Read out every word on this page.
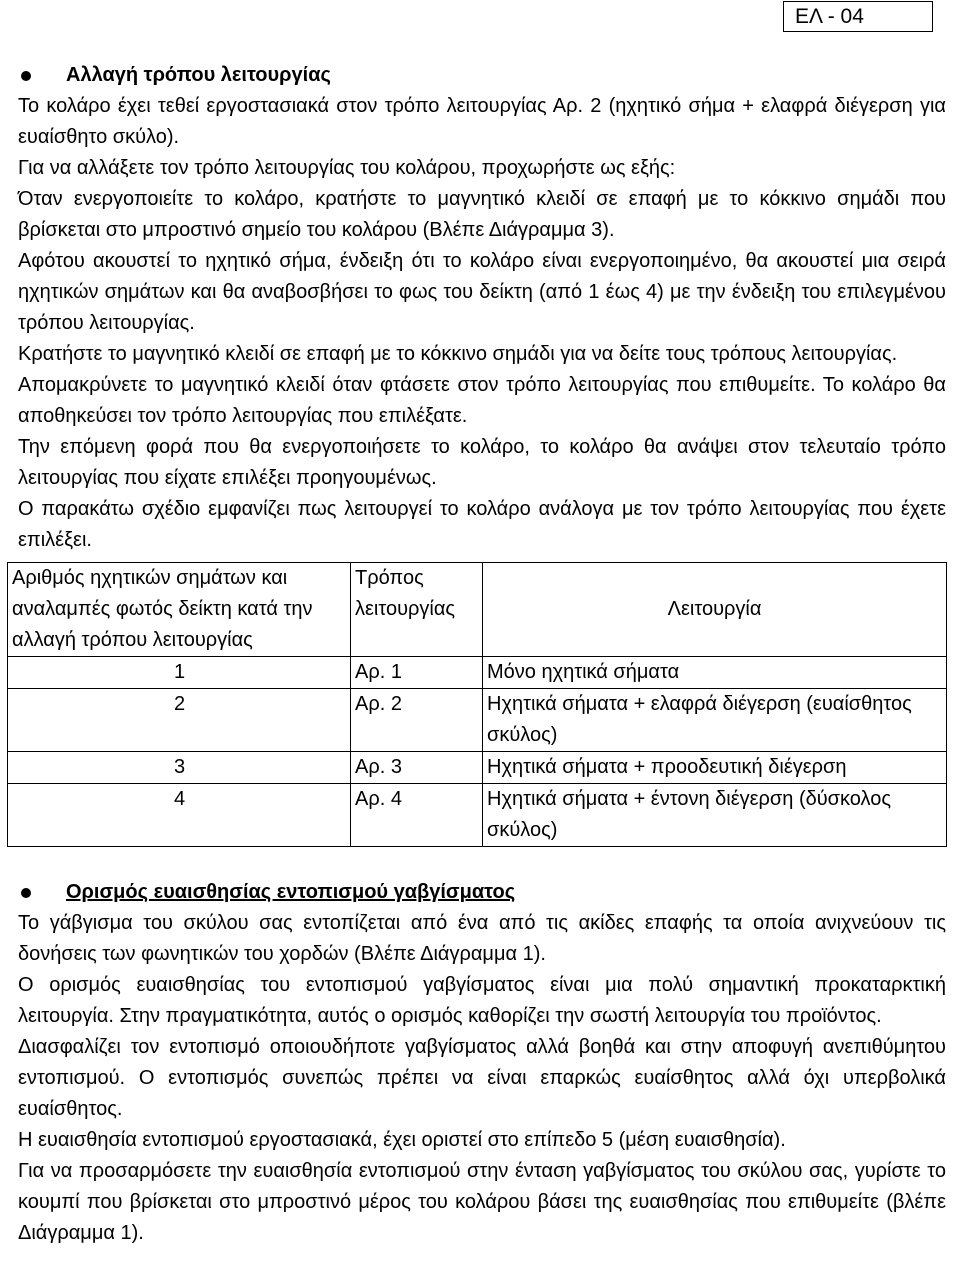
ΕΛ - 04
Αλλαγή τρόπου λειτουργίας

Το κολάρο έχει τεθεί εργοστασιακά στον τρόπο λειτουργίας Αρ. 2 (ηχητικό σήμα + ελαφρά διέγερση για ευαίσθητο σκύλο).

Για να αλλάξετε τον τρόπο λειτουργίας του κολάρου, προχωρήστε ως εξής:

Όταν ενεργοποιείτε το κολάρο, κρατήστε το μαγνητικό κλειδί σε επαφή με το κόκκινο σημάδι που βρίσκεται στο μπροστινό σημείο του κολάρου (Βλέπε Διάγραμμα 3).

Αφότου ακουστεί το ηχητικό σήμα, ένδειξη ότι το κολάρο είναι ενεργοποιημένο, θα ακουστεί μια σειρά ηχητικών σημάτων και θα αναβοσβήσει το φως του δείκτη (από 1 έως 4) με την ένδειξη του επιλεγμένου τρόπου λειτουργίας.

Κρατήστε το μαγνητικό κλειδί σε επαφή με το κόκκινο σημάδι για να δείτε τους τρόπους λειτουργίας.

Απομακρύνετε το μαγνητικό κλειδί όταν φτάσετε στον τρόπο λειτουργίας που επιθυμείτε. Το κολάρο θα αποθηκεύσει τον τρόπο λειτουργίας που επιλέξατε.

Την επόμενη φορά που θα ενεργοποιήσετε το κολάρο, το κολάρο θα ανάψει στον τελευταίο τρόπο λειτουργίας που είχατε επιλέξει προηγουμένως.

Ο παρακάτω σχέδιο εμφανίζει πως λειτουργεί το κολάρο ανάλογα με τον τρόπο λειτουργίας που έχετε επιλέξει.

Αριθμός ηχητικών σημάτων και αναλαμπές φωτός δείκτη κατά την αλλαγή τρόπου λειτουργίας	Τρόπος λειτουργίας	Λειτουργία
1	Αρ. 1	Μόνο ηχητικά σήματα
2	Αρ. 2	Ηχητικά σήματα + ελαφρά διέγερση (ευαίσθητος σκύλος)
3	Αρ. 3	Ηχητικά σήματα + προοδευτική διέγερση
4	Αρ. 4	Ηχητικά σήματα + έντονη διέγερση (δύσκολος σκύλος)
Ορισμός ευαισθησίας εντοπισμού γαβγίσματος

Το γάβγισμα του σκύλου σας εντοπίζεται από ένα από τις ακίδες επαφής τα οποία ανιχνεύουν τις δονήσεις των φωνητικών του χορδών (Βλέπε Διάγραμμα 1).

Ο ορισμός ευαισθησίας του εντοπισμού γαβγίσματος είναι μια πολύ σημαντική προκαταρκτική λειτουργία. Στην πραγματικότητα, αυτός ο ορισμός καθορίζει την σωστή λειτουργία του προϊόντος.

Διασφαλίζει τον εντοπισμό οποιουδήποτε γαβγίσματος αλλά βοηθά και στην αποφυγή ανεπιθύμητου εντοπισμού. Ο εντοπισμός συνεπώς πρέπει να είναι επαρκώς ευαίσθητος αλλά όχι υπερβολικά ευαίσθητος.

Η ευαισθησία εντοπισμού εργοστασιακά, έχει οριστεί στο επίπεδο 5 (μέση ευαισθησία).

Για να προσαρμόσετε την ευαισθησία εντοπισμού στην ένταση γαβγίσματος του σκύλου σας, γυρίστε το κουμπί που βρίσκεται στο μπροστινό μέρος του κολάρου βάσει της ευαισθησίας που επιθυμείτε (βλέπε Διάγραμμα 1).
